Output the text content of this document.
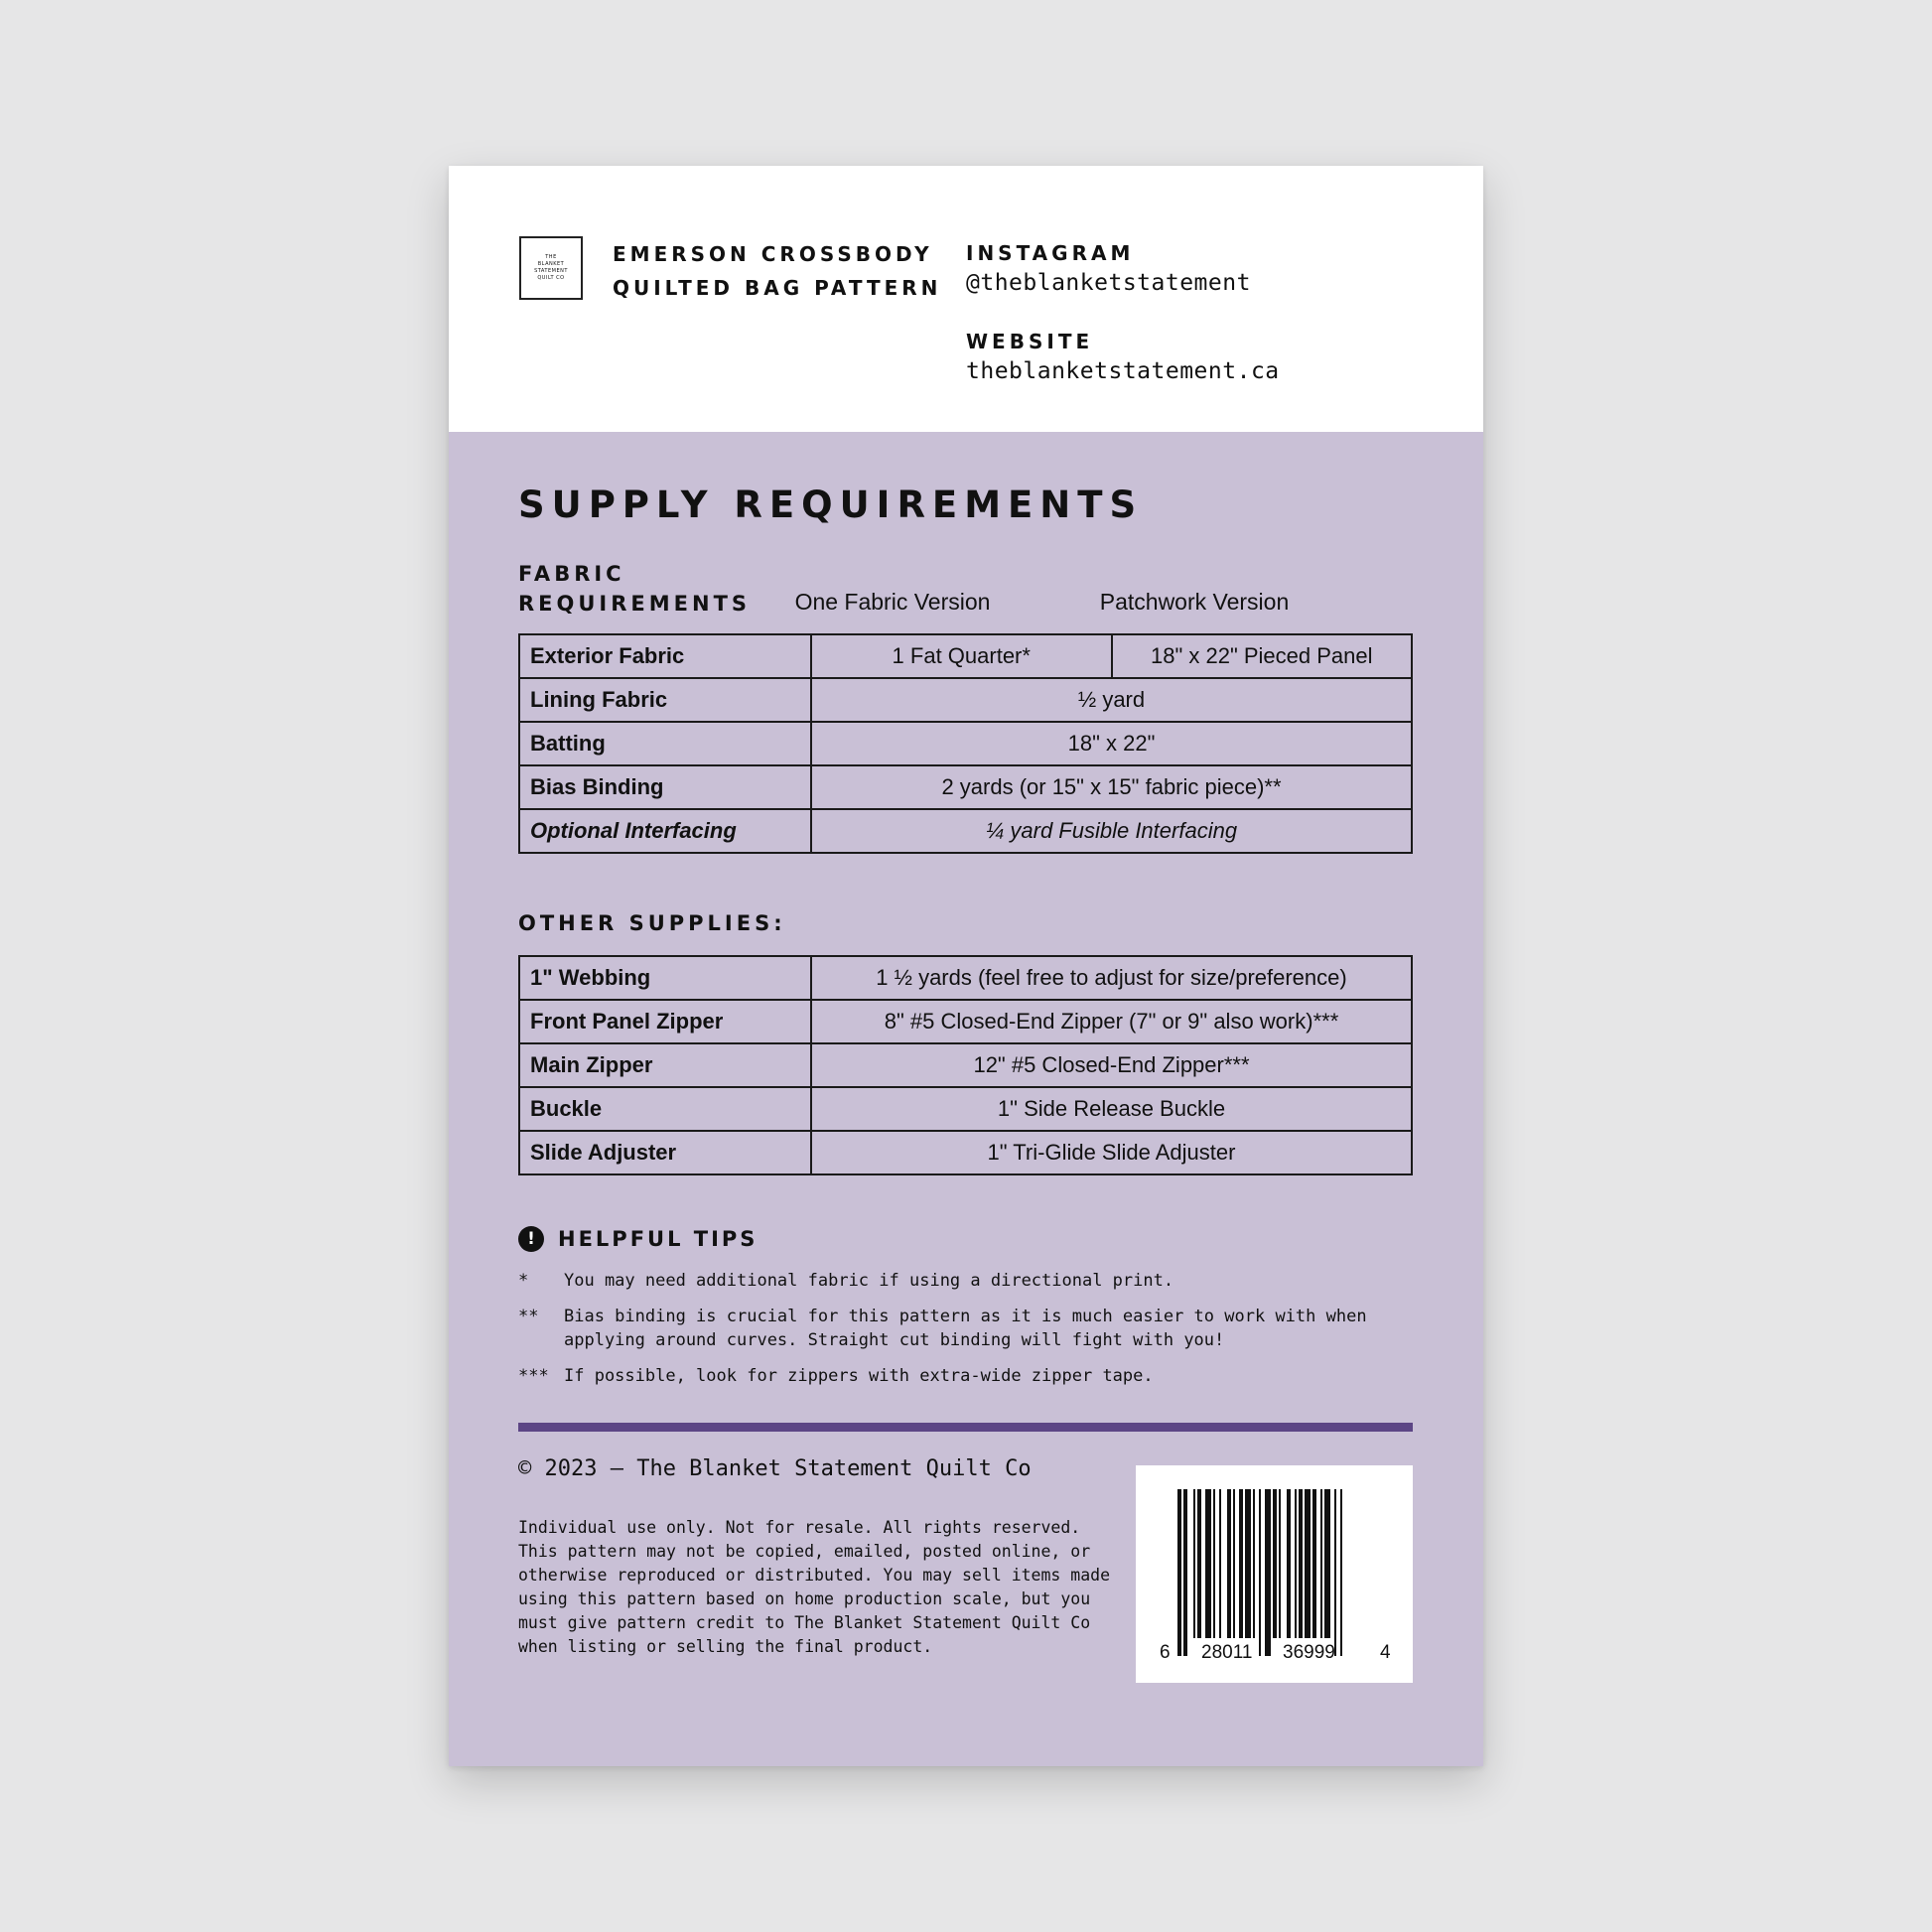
THE
BLANKET
STATEMENT
QUILT CO
EMERSON CROSSBODY
QUILTED BAG PATTERN
INSTAGRAM
@theblanketstatement
WEBSITE
theblanketstatement.ca
SUPPLY REQUIREMENTS
FABRIC
REQUIREMENTS	One Fabric Version	Patchwork Version
Exterior Fabric	1 Fat Quarter*	18" x 22" Pieced Panel
Lining Fabric	½ yard	
Batting	18" x 22"	
Bias Binding	2 yards (or 15" x 15" fabric piece)**	
Optional Interfacing	¼ yard Fusible Interfacing	
OTHER SUPPLIES:
1" Webbing	1 ½ yards (feel free to adjust for size/preference)
Front Panel Zipper	8" #5 Closed-End Zipper (7" or 9" also work)***
Main Zipper	12" #5 Closed-End Zipper***
Buckle	1" Side Release Buckle
Slide Adjuster	1" Tri-Glide Slide Adjuster
!	HELPFUL TIPS
*	You may need additional fabric if using a directional print.
**	Bias binding is crucial for this pattern as it is much easier to work with when applying around curves. Straight cut binding will fight with you!
*** If possible, look for zippers with extra-wide zipper tape.
© 2023 – The Blanket Statement Quilt Co
Individual use only. Not for resale. All rights reserved. This pattern may not be copied, emailed, posted online, or otherwise reproduced or distributed. You may sell items made using this pattern based on home production scale, but you must give pattern credit to The Blanket Statement Quilt Co when listing or selling the final product.	6 28011 36999 4
